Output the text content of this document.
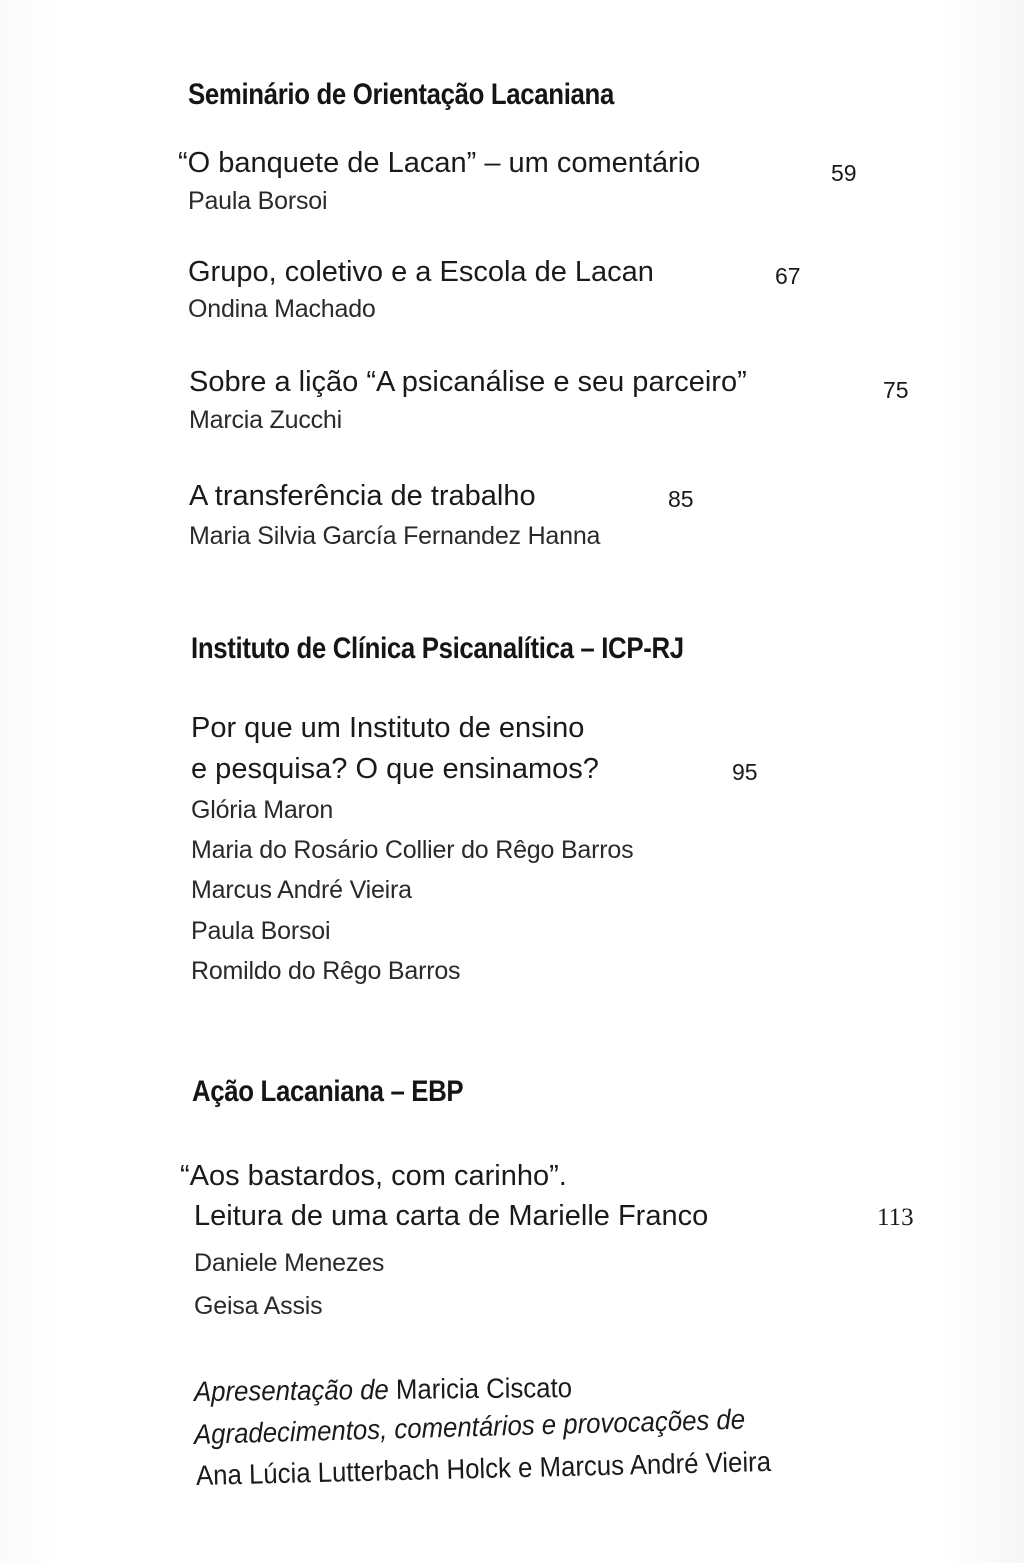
Seminário de Orientação Lacaniana
“O banquete de Lacan” – um comentário	59
Paula Borsoi
Grupo, coletivo e a Escola de Lacan	67
Ondina Machado
Sobre a lição “A psicanálise e seu parceiro”	75
Marcia Zucchi
A transferência de trabalho	85
Maria Silvia García Fernandez Hanna
Instituto de Clínica Psicanalítica – ICP-RJ
Por que um Instituto de ensino
e pesquisa? O que ensinamos?	95
Glória Maron
Maria do Rosário Collier do Rêgo Barros
Marcus André Vieira
Paula Borsoi
Romildo do Rêgo Barros
Ação Lacaniana – EBP
“Aos bastardos, com carinho”.
Leitura de uma carta de Marielle Franco	113
Daniele Menezes
Geisa Assis
Apresentação de Maricia Ciscato
Agradecimentos, comentários e provocações de
Ana Lúcia Lutterbach Holck e Marcus André Vieira
